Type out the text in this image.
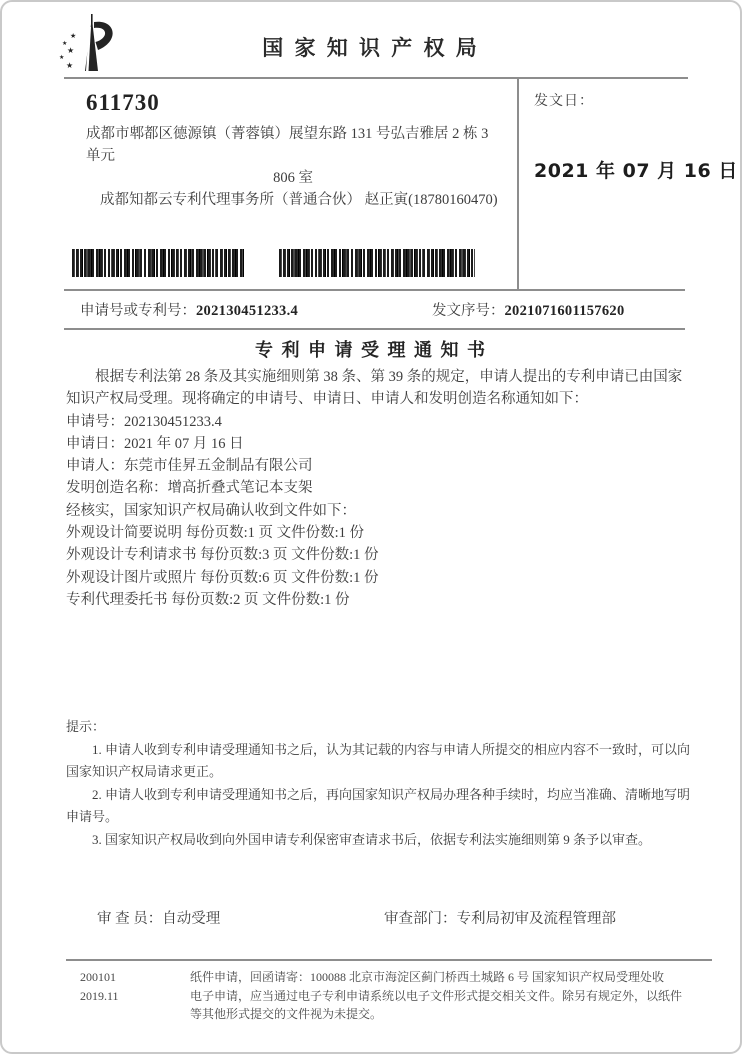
★
★
★
★
★
国 家 知 识 产 权 局

611730

成都市郫都区德源镇（菁蓉镇）展望东路 131 号弘吉雅居 2 栋 3 单元

806 室

成都知都云专利代理事务所（普通合伙） 赵正寅(18780160470)

发文日：
2021 年 07 月 16 日
申请号或专利号：202130451233.4	发文序号：2021071601157620
专 利 申 请 受 理 通 知 书

根据专利法第 28 条及其实施细则第 38 条、第 39 条的规定，申请人提出的专利申请已由国家知识产权局受理。现将确定的申请号、申请日、申请人和发明创造名称通知如下：

申请号：202130451233.4

申请日：2021 年 07 月 16 日

申请人：东莞市佳昇五金制品有限公司

发明创造名称：增高折叠式笔记本支架

经核实，国家知识产权局确认收到文件如下：

外观设计简要说明 每份页数:1 页 文件份数:1 份

外观设计专利请求书 每份页数:3 页 文件份数:1 份

外观设计图片或照片 每份页数:6 页 文件份数:1 份

专利代理委托书 每份页数:2 页 文件份数:1 份

提示：

1. 申请人收到专利申请受理通知书之后，认为其记载的内容与申请人所提交的相应内容不一致时，可以向国家知识产权局请求更正。

2. 申请人收到专利申请受理通知书之后，再向国家知识产权局办理各种手续时，均应当准确、清晰地写明申请号。

3. 国家知识产权局收到向外国申请专利保密审查请求书后，依据专利法实施细则第 9 条予以审查。

审 查 员：自动受理	审查部门：专利局初审及流程管理部
200101	纸件申请，回函请寄：100088 北京市海淀区蓟门桥西土城路 6 号 国家知识产权局受理处收
2019.11	电子申请，应当通过电子专利申请系统以电子文件形式提交相关文件。除另有规定外，以纸件等其他形式提交的文件视为未提交。
